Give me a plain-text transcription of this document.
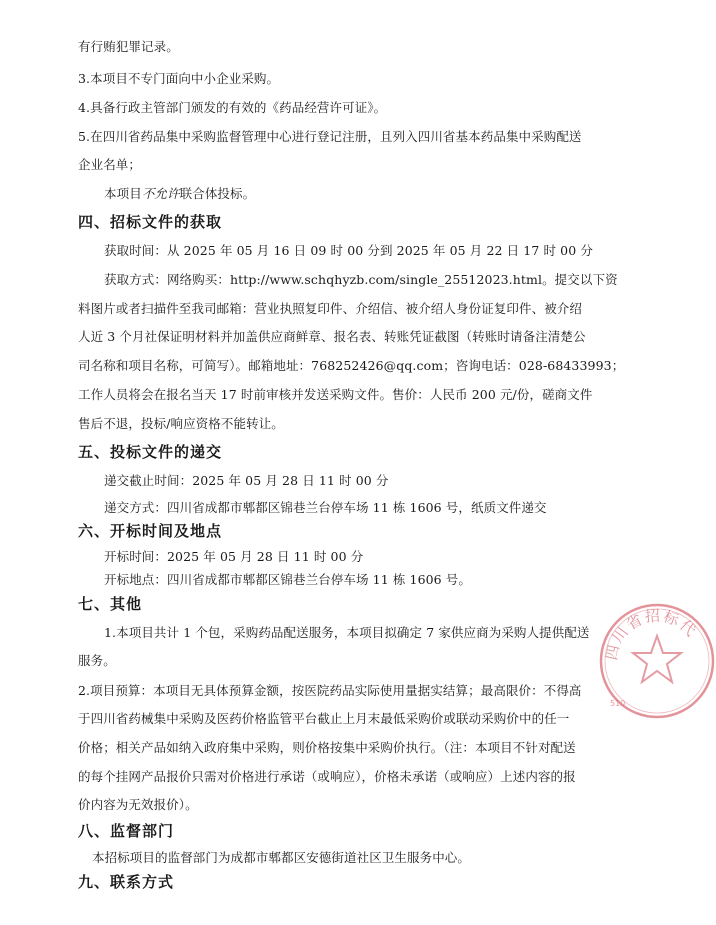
有行贿犯罪记录。
3.本项目不专门面向中小企业采购。
4.具备行政主管部门颁发的有效的《药品经营许可证》。
5.在四川省药品集中采购监督管理中心进行登记注册，且列入四川省基本药品集中采购配送
企业名单；
本项目不允许联合体投标。
四、招标文件的获取
获取时间：从 2025 年 05 月 16 日 09 时 00 分到 2025 年 05 月 22 日 17 时 00 分
获取方式：网络购买：http://www.schqhyzb.com/single_25512023.html。提交以下资
料图片或者扫描件至我司邮箱：营业执照复印件、介绍信、被介绍人身份证复印件、被介绍
人近 3 个月社保证明材料并加盖供应商鲜章、报名表、转账凭证截图（转账时请备注清楚公
司名称和项目名称，可简写）。邮箱地址：768252426@qq.com；咨询电话：028-68433993；
工作人员将会在报名当天 17 时前审核并发送采购文件。售价：人民币 200 元/份，磋商文件
售后不退，投标/响应资格不能转让。
五、投标文件的递交
递交截止时间：2025 年 05 月 28 日 11 时 00 分
递交方式：四川省成都市郫都区锦巷兰台停车场 11 栋 1606 号，纸质文件递交
六、开标时间及地点
开标时间：2025 年 05 月 28 日 11 时 00 分
开标地点：四川省成都市郫都区锦巷兰台停车场 11 栋 1606 号。
七、其他
1.本项目共计 1 个包，采购药品配送服务，本项目拟确定 7 家供应商为采购人提供配送
服务。
2.项目预算：本项目无具体预算金额，按医院药品实际使用量据实结算；最高限价：不得高
于四川省药械集中采购及医药价格监管平台截止上月末最低采购价或联动采购价中的任一
价格；相关产品如纳入政府集中采购，则价格按集中采购价执行。（注：本项目不针对配送
的每个挂网产品报价只需对价格进行承诺（或响应），价格未承诺（或响应）上述内容的报
价内容为无效报价）。
八、监督部门
本招标项目的监督部门为成都市郫都区安德街道社区卫生服务中心。
九、联系方式
四川省招标代
510
